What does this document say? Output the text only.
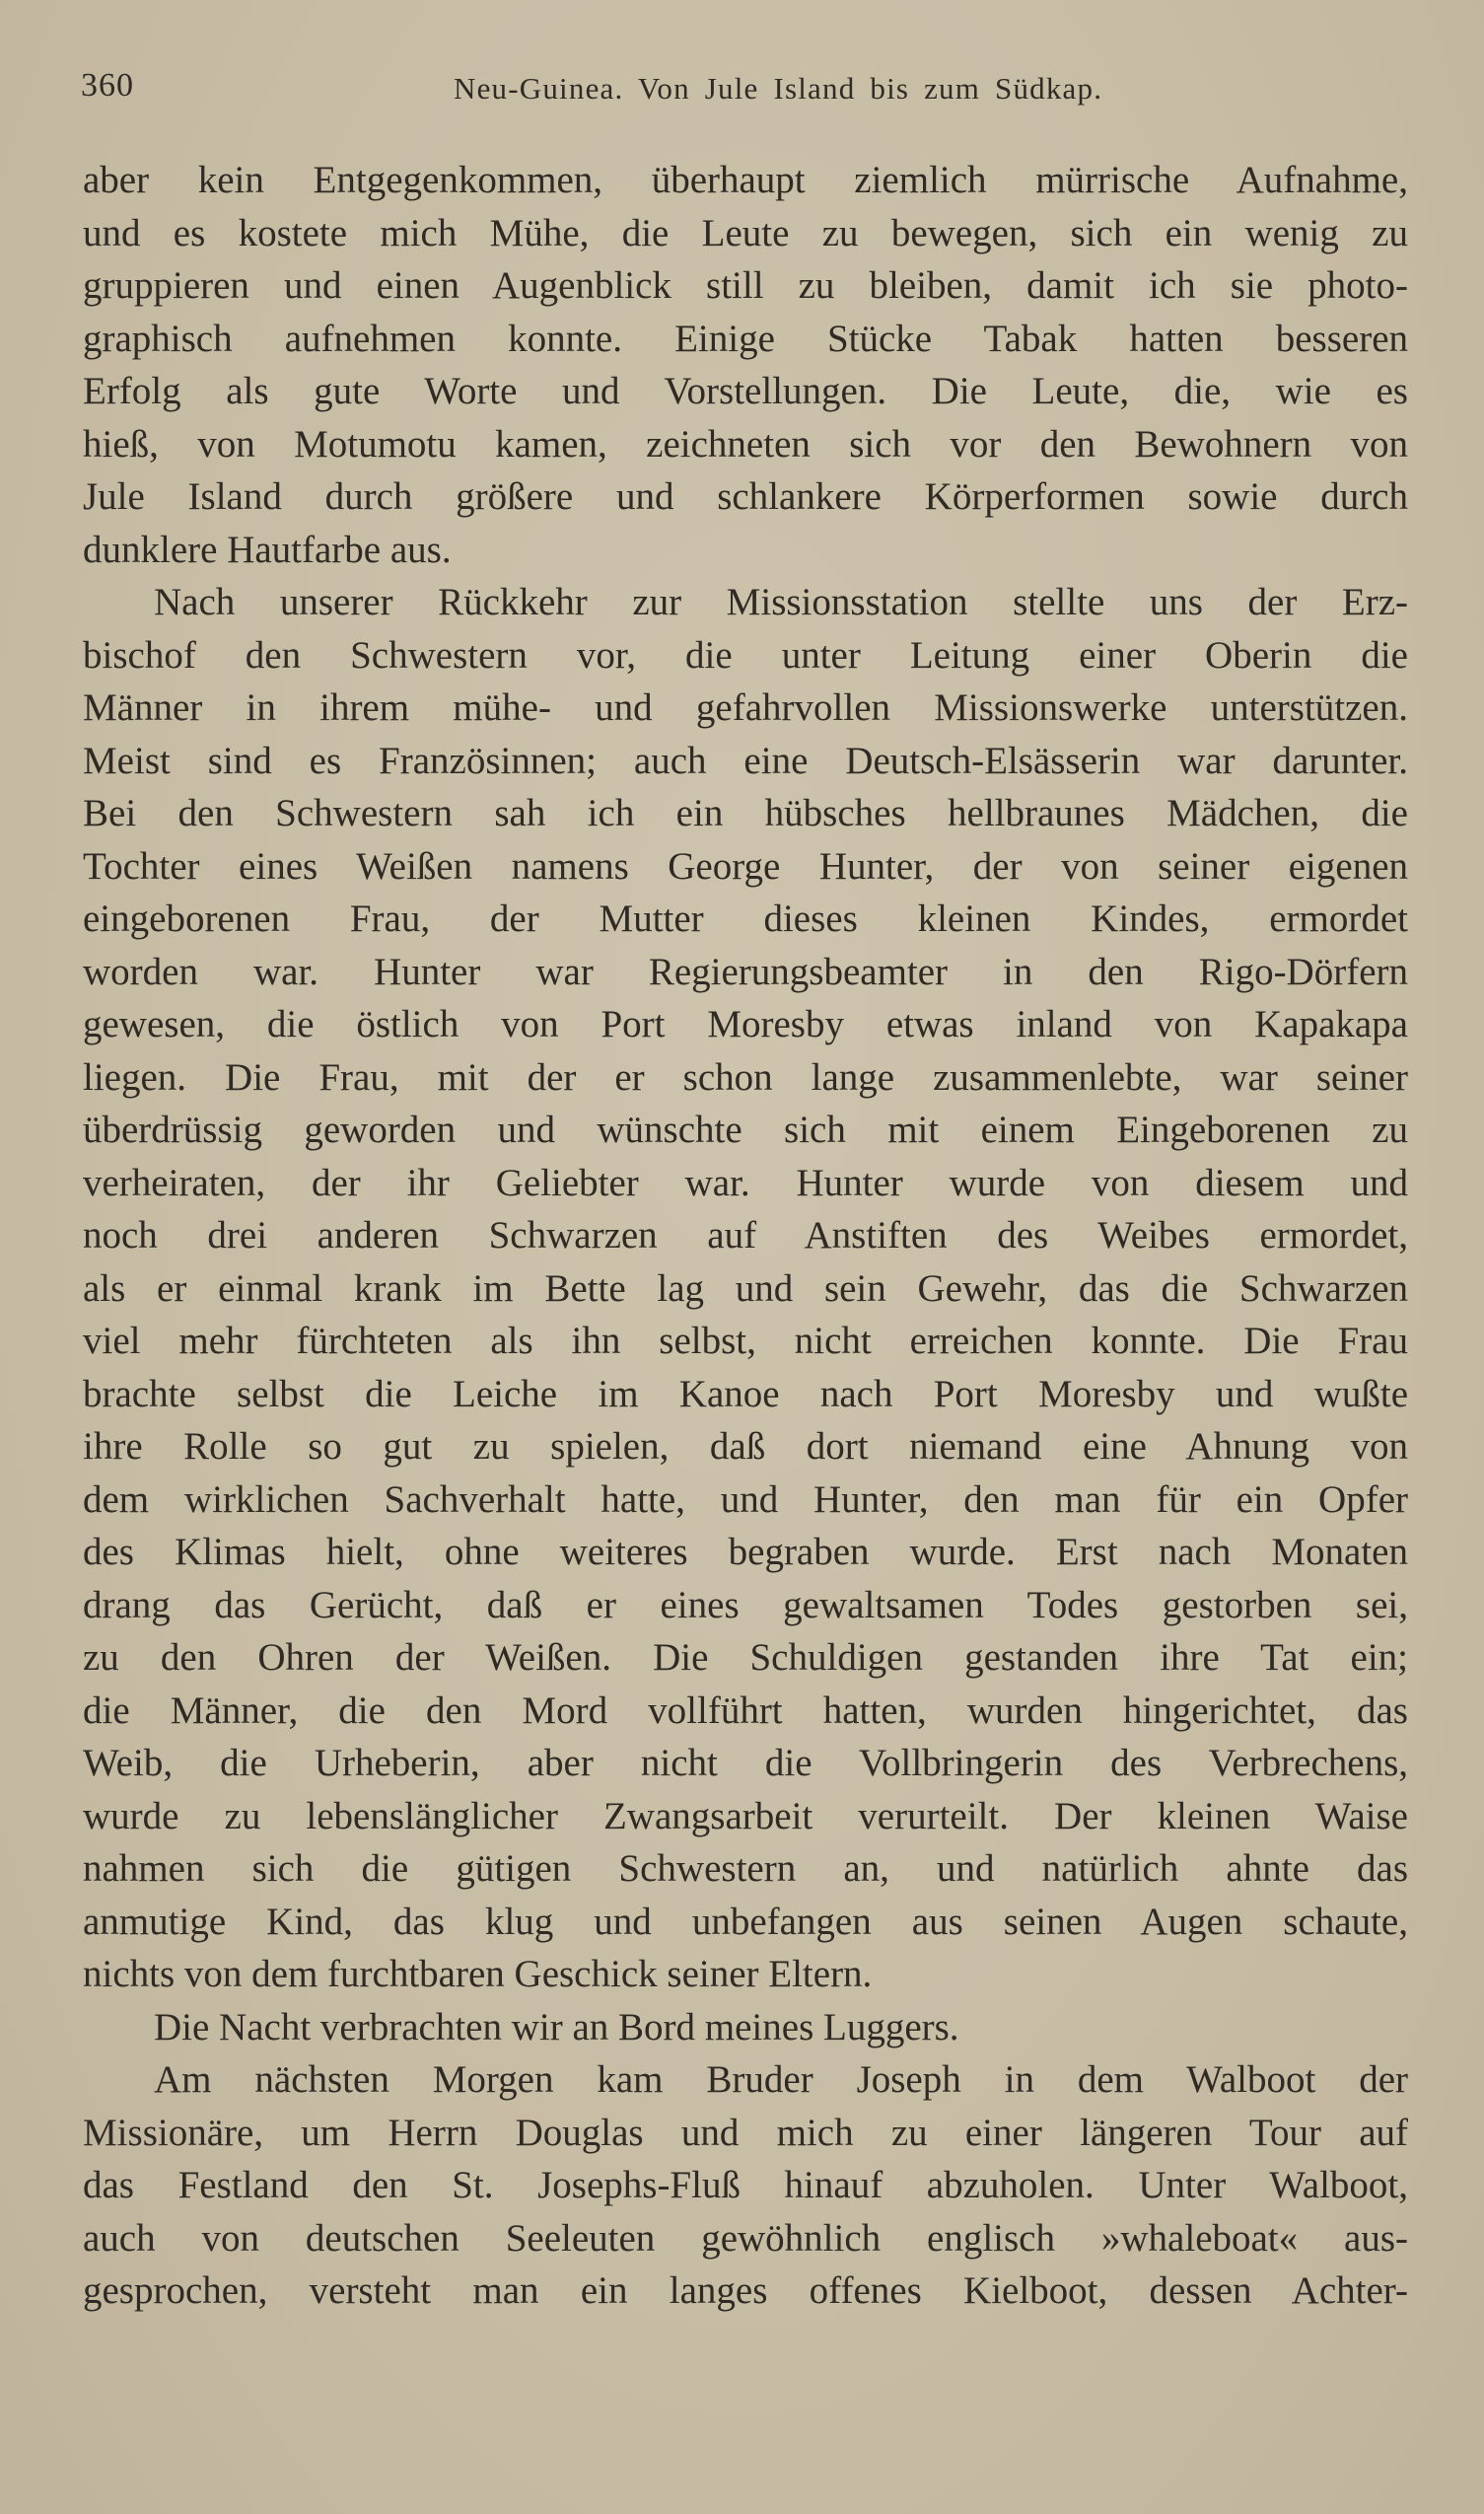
360	Neu-Guinea. Von Jule Island bis zum Südkap.
aber kein Entgegenkommen, überhaupt ziemlich mürrische Aufnahme,
und es kostete mich Mühe, die Leute zu bewegen, sich ein wenig zu
gruppieren und einen Augenblick still zu bleiben, damit ich sie photo-
graphisch aufnehmen konnte. Einige Stücke Tabak hatten besseren
Erfolg als gute Worte und Vorstellungen. Die Leute, die, wie es
hieß, von Motumotu kamen, zeichneten sich vor den Bewohnern von
Jule Island durch größere und schlankere Körperformen sowie durch
dunklere Hautfarbe aus.
Nach unserer Rückkehr zur Missionsstation stellte uns der Erz-
bischof den Schwestern vor, die unter Leitung einer Oberin die
Männer in ihrem mühe- und gefahrvollen Missionswerke unterstützen.
Meist sind es Französinnen; auch eine Deutsch-Elsässerin war darunter.
Bei den Schwestern sah ich ein hübsches hellbraunes Mädchen, die
Tochter eines Weißen namens George Hunter, der von seiner eigenen
eingeborenen Frau, der Mutter dieses kleinen Kindes, ermordet
worden war. Hunter war Regierungsbeamter in den Rigo-Dörfern
gewesen, die östlich von Port Moresby etwas inland von Kapakapa
liegen. Die Frau, mit der er schon lange zusammenlebte, war seiner
überdrüssig geworden und wünschte sich mit einem Eingeborenen zu
verheiraten, der ihr Geliebter war. Hunter wurde von diesem und
noch drei anderen Schwarzen auf Anstiften des Weibes ermordet,
als er einmal krank im Bette lag und sein Gewehr, das die Schwarzen
viel mehr fürchteten als ihn selbst, nicht erreichen konnte. Die Frau
brachte selbst die Leiche im Kanoe nach Port Moresby und wußte
ihre Rolle so gut zu spielen, daß dort niemand eine Ahnung von
dem wirklichen Sachverhalt hatte, und Hunter, den man für ein Opfer
des Klimas hielt, ohne weiteres begraben wurde. Erst nach Monaten
drang das Gerücht, daß er eines gewaltsamen Todes gestorben sei,
zu den Ohren der Weißen. Die Schuldigen gestanden ihre Tat ein;
die Männer, die den Mord vollführt hatten, wurden hingerichtet, das
Weib, die Urheberin, aber nicht die Vollbringerin des Verbrechens,
wurde zu lebenslänglicher Zwangsarbeit verurteilt. Der kleinen Waise
nahmen sich die gütigen Schwestern an, und natürlich ahnte das
anmutige Kind, das klug und unbefangen aus seinen Augen schaute,
nichts von dem furchtbaren Geschick seiner Eltern.
Die Nacht verbrachten wir an Bord meines Luggers.
Am nächsten Morgen kam Bruder Joseph in dem Walboot der
Missionäre, um Herrn Douglas und mich zu einer längeren Tour auf
das Festland den St. Josephs-Fluß hinauf abzuholen. Unter Walboot,
auch von deutschen Seeleuten gewöhnlich englisch »whaleboat« aus-
gesprochen, versteht man ein langes offenes Kielboot, dessen Achter-
